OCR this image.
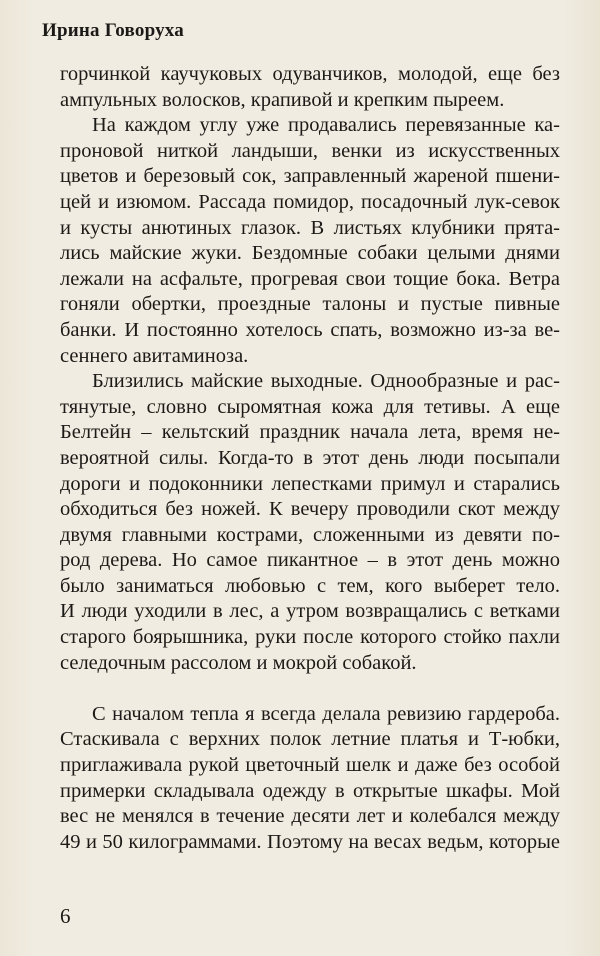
Ирина Говоруха
горчинкой каучуковых одуванчиков, молодой, еще без
ампульных волосков, крапивой и крепким пыреем.
На каждом углу уже продавались перевязанные ка-
проновой ниткой ландыши, венки из искусственных
цветов и березовый сок, заправленный жареной пшени-
цей и изюмом. Рассада помидор, посадочный лук-севок
и кусты анютиных глазок. В листьях клубники прята-
лись майские жуки. Бездомные собаки целыми днями
лежали на асфальте, прогревая свои тощие бока. Ветра
гоняли обертки, проездные талоны и пустые пивные
банки. И постоянно хотелось спать, возможно из-за ве-
сеннего авитаминоза.
Близились майские выходные. Однообразные и рас-
тянутые, словно сыромятная кожа для тетивы. А еще
Белтейн – кельтский праздник начала лета, время не-
вероятной силы. Когда-то в этот день люди посыпали
дороги и подоконники лепестками примул и старались
обходиться без ножей. К вечеру проводили скот между
двумя главными кострами, сложенными из девяти по-
род дерева. Но самое пикантное – в этот день можно
было заниматься любовью с тем, кого выберет тело.
И люди уходили в лес, а утром возвращались с ветками
старого боярышника, руки после которого стойко пахли
селедочным рассолом и мокрой собакой.
С началом тепла я всегда делала ревизию гардероба.
Стаскивала с верхних полок летние платья и Т-юбки,
приглаживала рукой цветочный шелк и даже без особой
примерки складывала одежду в открытые шкафы. Мой
вес не менялся в течение десяти лет и колебался между
49 и 50 килограммами. Поэтому на весах ведьм, которые
6
